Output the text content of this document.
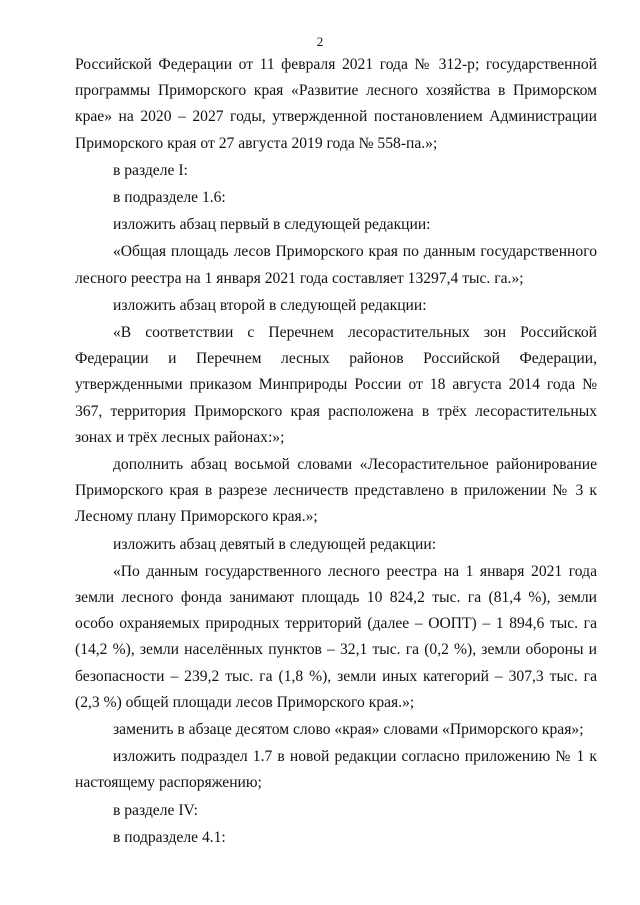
2

Российской Федерации от 11 февраля 2021 года № 312-р; государственной программы Приморского края «Развитие лесного хозяйства в Приморском крае» на 2020 – 2027 годы, утвержденной постановлением Администрации Приморского края от 27 августа 2019 года № 558-па.»;

в разделе I:

в подразделе 1.6:

изложить абзац первый в следующей редакции:

«Общая площадь лесов Приморского края по данным государственного лесного реестра на 1 января 2021 года составляет 13297,4 тыс. га.»;

изложить абзац второй в следующей редакции:

«В соответствии с Перечнем лесорастительных зон Российской Федерации и Перечнем лесных районов Российской Федерации, утвержденными приказом Минприроды России от 18 августа 2014 года № 367, территория Приморского края расположена в трёх лесорастительных зонах и трёх лесных районах:»;

дополнить абзац восьмой словами «Лесорастительное районирование Приморского края в разрезе лесничеств представлено в приложении № 3 к Лесному плану Приморского края.»;

изложить абзац девятый в следующей редакции:

«По данным государственного лесного реестра на 1 января 2021 года земли лесного фонда занимают площадь 10 824,2 тыс. га (81,4 %), земли особо охраняемых природных территорий (далее – ООПТ) – 1 894,6 тыс. га (14,2 %), земли населённых пунктов – 32,1 тыс. га (0,2 %), земли обороны и безопасности – 239,2 тыс. га (1,8 %), земли иных категорий – 307,3 тыс. га (2,3 %) общей площади лесов Приморского края.»;

заменить в абзаце десятом слово «края» словами «Приморского края»;

изложить подраздел 1.7 в новой редакции согласно приложению № 1 к настоящему распоряжению;

в разделе IV:

в подразделе 4.1:
